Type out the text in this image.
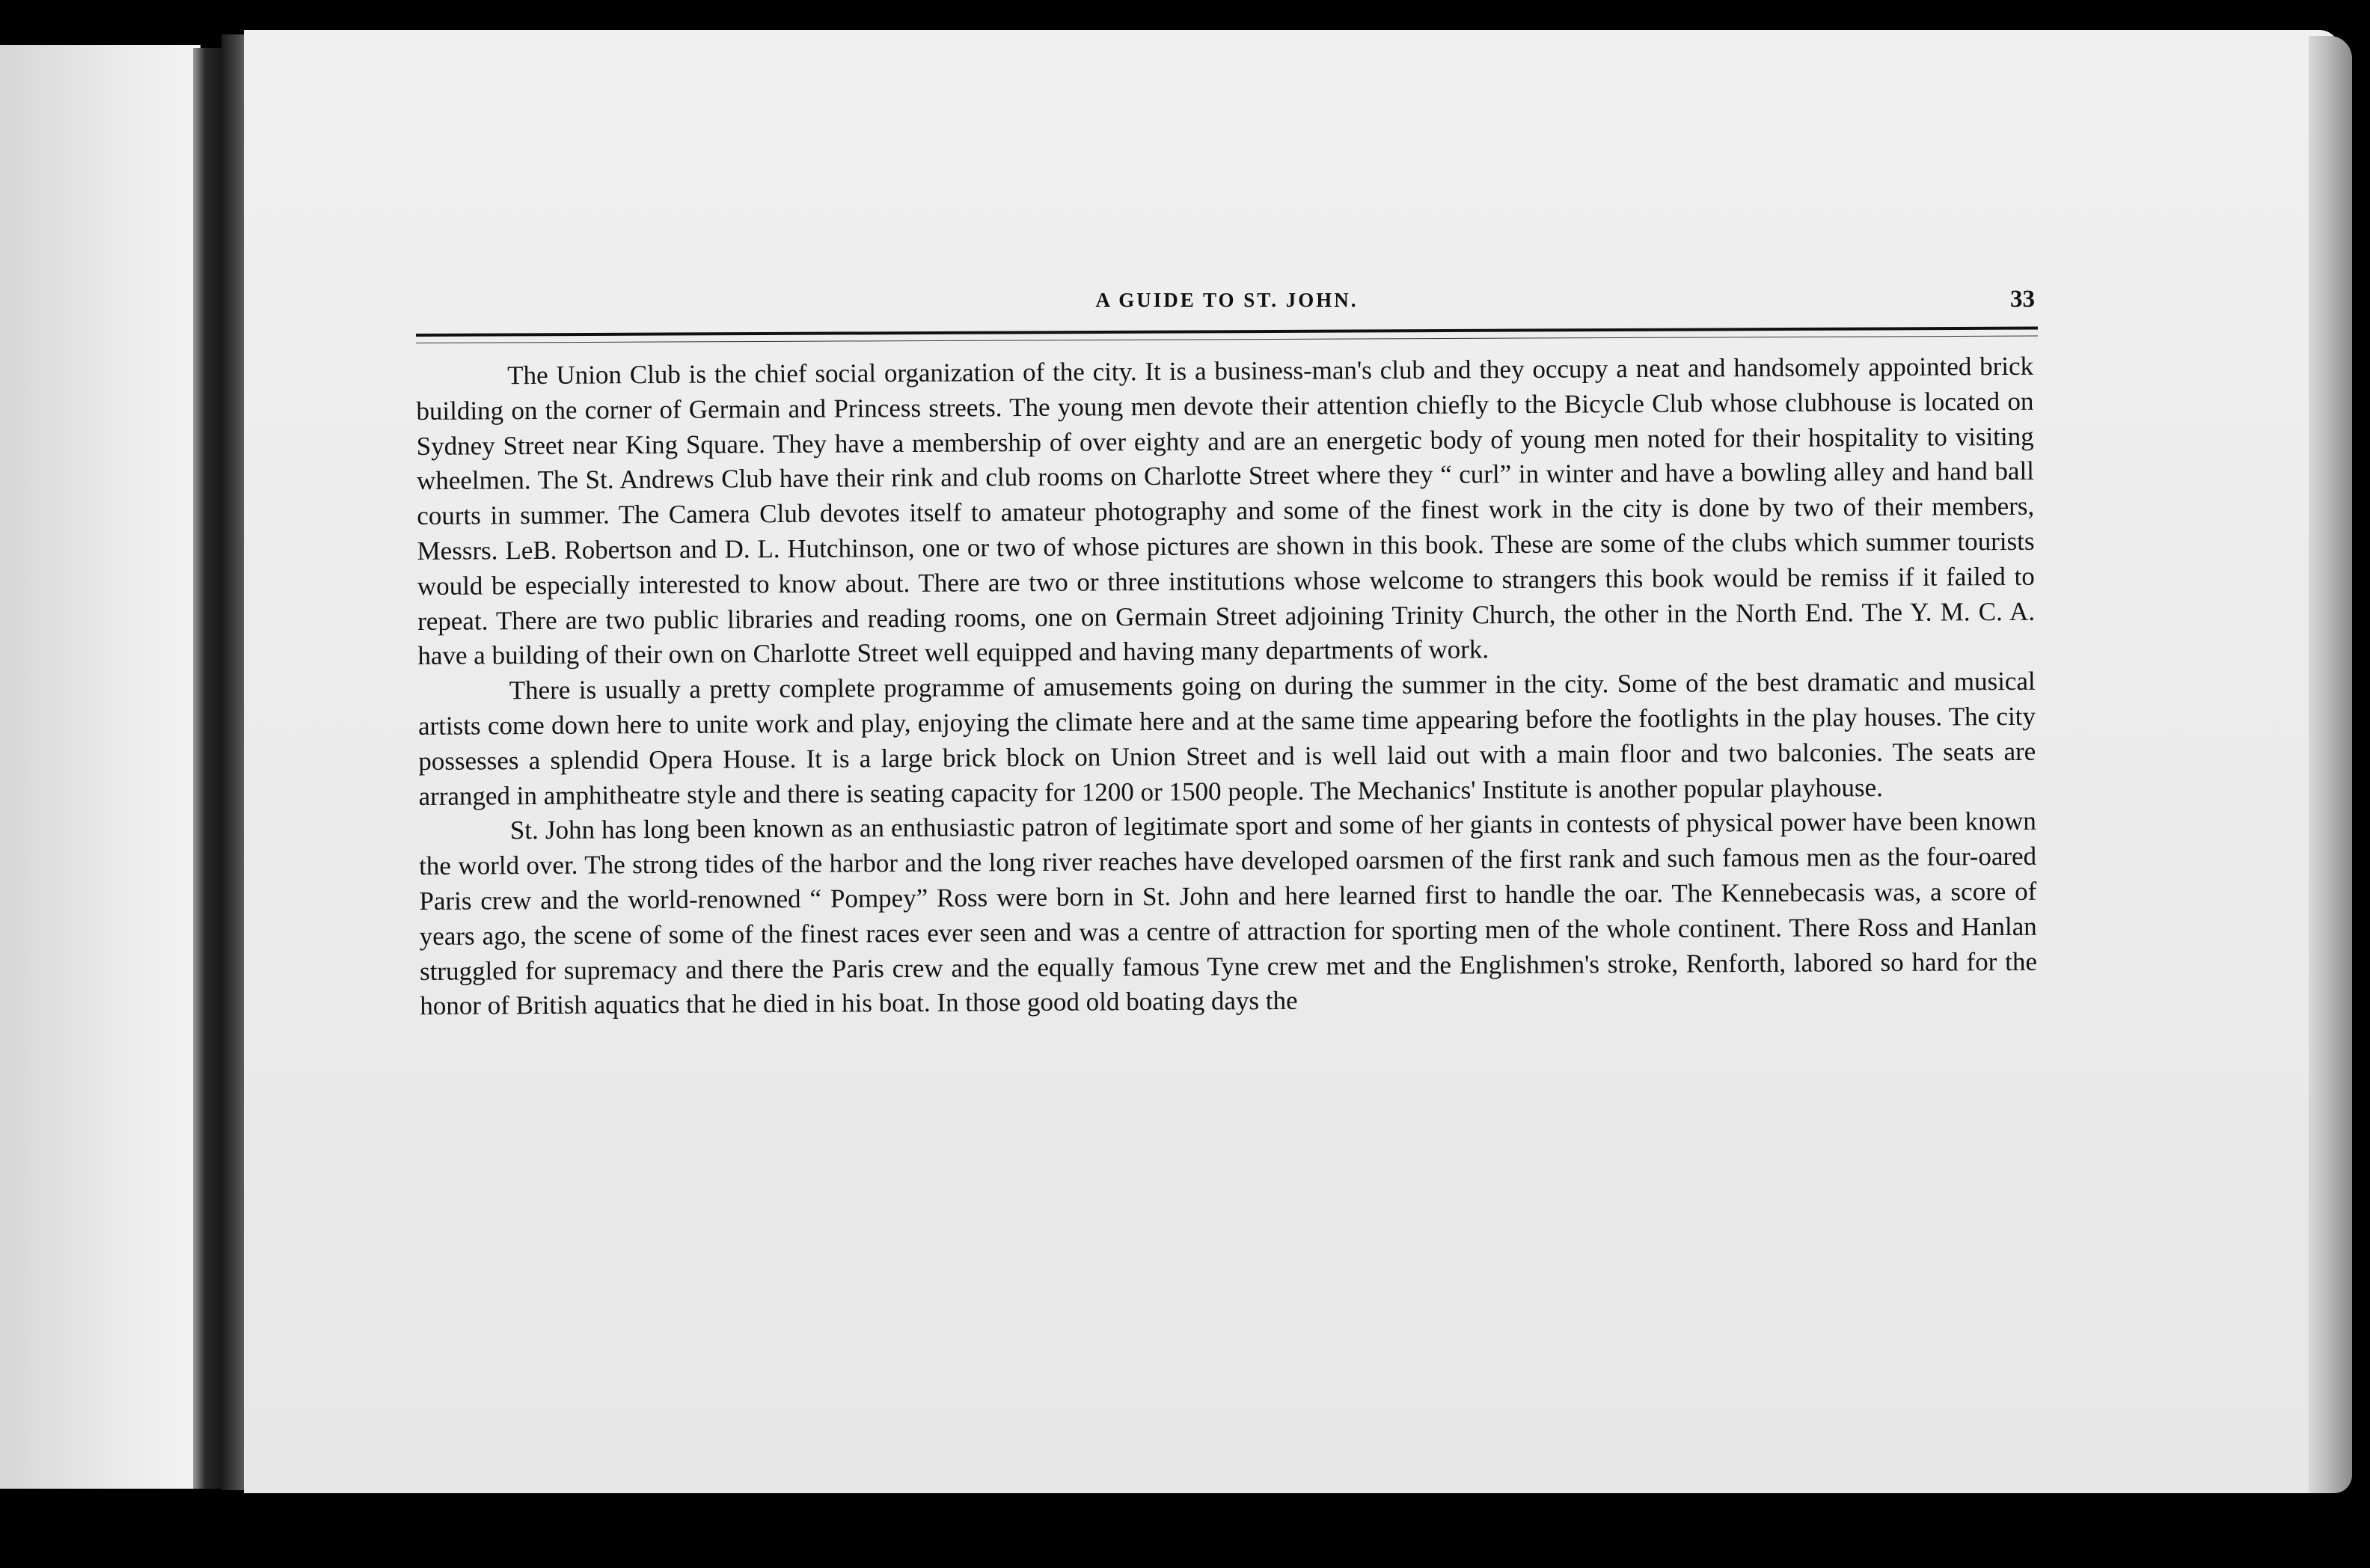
A GUIDE TO ST. JOHN.	33

The Union Club is the chief social organization of the city. It is a business-man's club and they occupy a neat and handsomely appointed brick building on the corner of Germain and Princess streets. The young men devote their attention chiefly to the Bicycle Club whose clubhouse is located on Sydney Street near King Square. They have a membership of over eighty and are an energetic body of young men noted for their hospitality to visiting wheelmen. The St. Andrews Club have their rink and club rooms on Charlotte Street where they “ curl” in winter and have a bowling alley and hand ball courts in summer. The Camera Club devotes itself to amateur photography and some of the finest work in the city is done by two of their members, Messrs. LeB. Robertson and D. L. Hutchinson, one or two of whose pictures are shown in this book. These are some of the clubs which summer tourists would be especially interested to know about. There are two or three institutions whose welcome to strangers this book would be remiss if it failed to repeat. There are two public libraries and reading rooms, one on Germain Street adjoining Trinity Church, the other in the North End. The Y. M. C. A. have a building of their own on Charlotte Street well equipped and having many departments of work.

There is usually a pretty complete programme of amusements going on during the summer in the city. Some of the best dramatic and musical artists come down here to unite work and play, enjoying the climate here and at the same time appearing before the footlights in the play houses. The city possesses a splendid Opera House. It is a large brick block on Union Street and is well laid out with a main floor and two balconies. The seats are arranged in amphitheatre style and there is seating capacity for 1200 or 1500 people. The Mechanics' Institute is another popular playhouse.

St. John has long been known as an enthusiastic patron of legitimate sport and some of her giants in contests of physical power have been known the world over. The strong tides of the harbor and the long river reaches have developed oarsmen of the first rank and such famous men as the four-oared Paris crew and the world-renowned “ Pompey” Ross were born in St. John and here learned first to handle the oar. The Kennebecasis was, a score of years ago, the scene of some of the finest races ever seen and was a centre of attraction for sporting men of the whole continent. There Ross and Hanlan struggled for supremacy and there the Paris crew and the equally famous Tyne crew met and the Englishmen's stroke, Renforth, labored so hard for the honor of British aquatics that he died in his boat. In those good old boating days the
